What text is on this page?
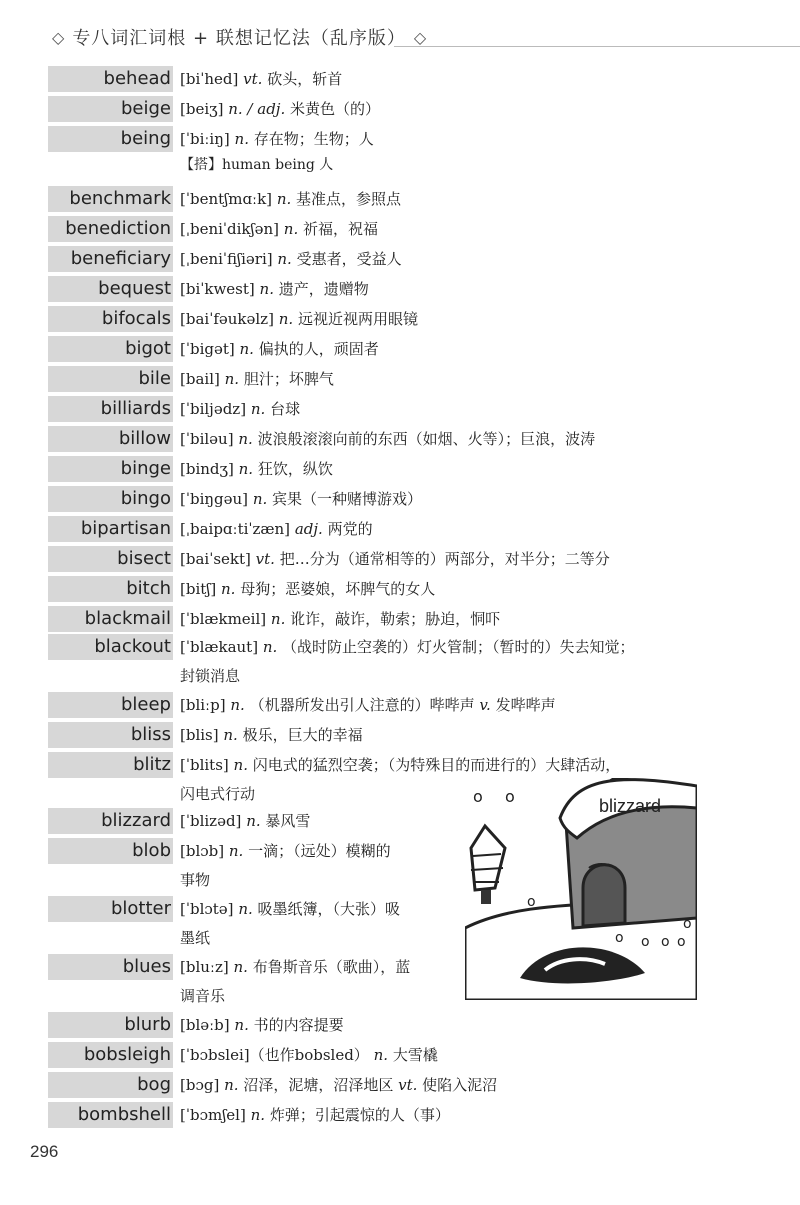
◇ 专八词汇词根 + 联想记忆法（乱序版） ◇
behead [biˈhed] vt. 砍头，斩首
beige [beiʒ] n. / adj. 米黄色（的）
being [ˈbiːiŋ] n. 存在物；生物；人
【搭】human being 人
benchmark [ˈbentʃmɑːk] n. 基准点，参照点
benediction [ˌbeniˈdikʃən] n. 祈福，祝福
beneficiary [ˌbeniˈfiʃiəri] n. 受惠者，受益人
bequest [biˈkwest] n. 遗产，遗赠物
bifocals [baiˈfəukəlz] n. 远视近视两用眼镜
bigot [ˈbigət] n. 偏执的人，顽固者
bile [bail] n. 胆汁；坏脾气
billiards [ˈbiljədz] n. 台球
billow [ˈbiləu] n. 波浪般滚滚向前的东西（如烟、火等）；巨浪，波涛
binge [bindʒ] n. 狂饮，纵饮
bingo [ˈbiŋgəu] n. 宾果（一种赌博游戏）
bipartisan [ˌbaipɑːtiˈzæn] adj. 两党的
bisect [baiˈsekt] vt. 把…分为（通常相等的）两部分，对半分；二等分
bitch [bitʃ] n. 母狗；恶婆娘，坏脾气的女人
blackmail [ˈblækmeil] n. 讹诈，敲诈，勒索；胁迫，恫吓
blackout [ˈblækaut] n. （战时防止空袭的）灯火管制；（暂时的）失去知觉；
封锁消息
bleep [bliːp] n. （机器所发出引人注意的）哔哔声 v. 发哔哔声
bliss [blis] n. 极乐，巨大的幸福
blitz [ˈblits] n. 闪电式的猛烈空袭；（为特殊目的而进行的）大肆活动，
闪电式行动
blizzard [ˈblizəd] n. 暴风雪
blob [blɔb] n. 一滴；（远处）模糊的
事物
blotter [ˈblɔtə] n. 吸墨纸簿，（大张）吸
墨纸
blues [bluːz] n. 布鲁斯音乐（歌曲），蓝
调音乐
blurb [bləːb] n. 书的内容提要
bobsleigh [ˈbɔbslei]（也作bobsled） n. 大雪橇
bog [bɔg] n. 沼泽，泥塘，沼泽地区 vt. 使陷入泥沼
bombshell [ˈbɔmʃel] n. 炸弹；引起震惊的人（事）
o o
o
o o o o
o
blizzard
296
